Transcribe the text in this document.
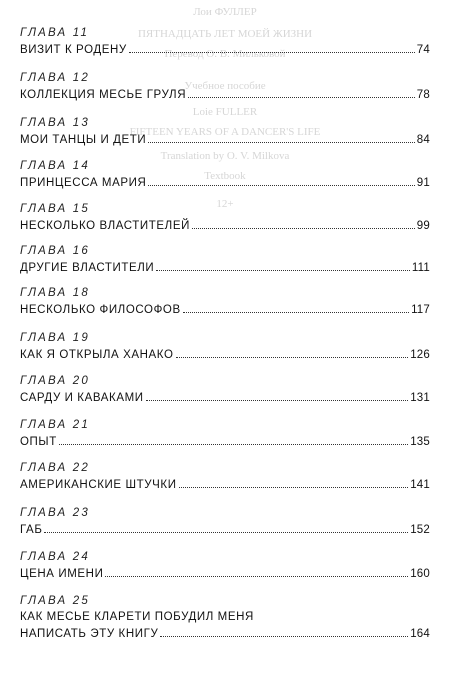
Лои ФУЛЛЕР
ПЯТНАДЦАТЬ ЛЕТ МОЕЙ ЖИЗНИ
Перевод О. В. Мильковой
Учебное пособие
Loie FULLER
FIFTEEN YEARS OF A DANCER'S LIFE
Translation by O. V. Milkova
Textbook
12+
ГЛАВА 11
ВИЗИТ К РОДЕНУ	74
ГЛАВА 12
КОЛЛЕКЦИЯ МЕСЬЕ ГРУЛЯ	78
ГЛАВА 13
МОИ ТАНЦЫ И ДЕТИ	84
ГЛАВА 14
ПРИНЦЕССА МАРИЯ	91
ГЛАВА 15
НЕСКОЛЬКО ВЛАСТИТЕЛЕЙ	99
ГЛАВА 16
ДРУГИЕ ВЛАСТИТЕЛИ	111
ГЛАВА 18
НЕСКОЛЬКО ФИЛОСОФОВ	117
ГЛАВА 19
КАК Я ОТКРЫЛА ХАНАКО	126
ГЛАВА 20
САРДУ И КАВАКАМИ	131
ГЛАВА 21
ОПЫТ	135
ГЛАВА 22
АМЕРИКАНСКИЕ ШТУЧКИ	141
ГЛАВА 23
ГАБ	152
ГЛАВА 24
ЦЕНА ИМЕНИ	160
ГЛАВА 25
КАК МЕСЬЕ КЛАРЕТИ ПОБУДИЛ МЕНЯ
НАПИСАТЬ ЭТУ КНИГУ	164
